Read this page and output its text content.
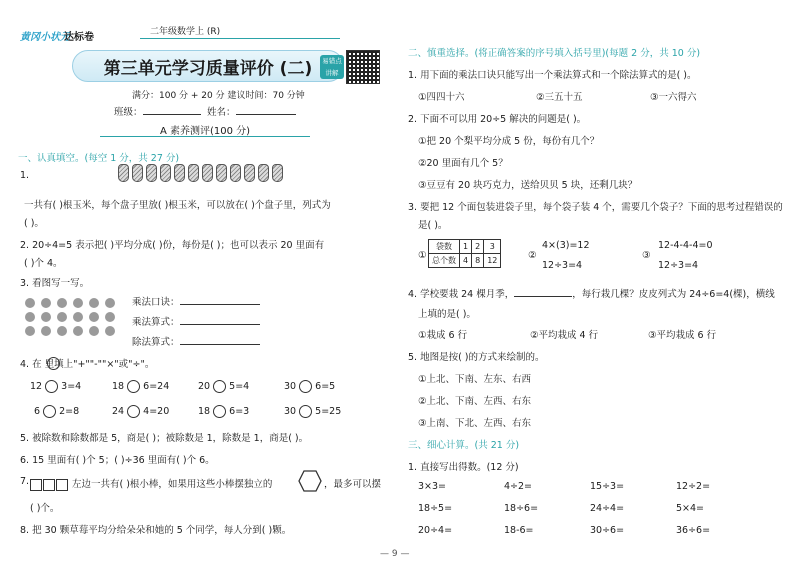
黄冈小状元
达标卷	二年级数学上 (R)
第三单元学习质量评价 (二)	易错点讲解
满分：100 分 + 20 分 建议时间：70 分钟
班级：	姓名：
A 素养测评(100 分)
一、认真填空。(每空 1 分，共 27 分)
1.
一共有( )根玉米，每个盘子里放( )根玉米，可以放在( )个盘子里，列式为
( )。
2. 20÷4=5 表示把( )平均分成( )份，每份是( )；也可以表示 20 里面有
( )个 4。
3. 看图写一写。
乘法口诀：
乘法算式：
除法算式：
4. 在 里填上"+""-""×"或"÷"。
12 3=4	18 6=24	20 5=4	30 6=5
6 2=8	24 4=20	18 6=3	30 5=25
5. 被除数和除数都是 5，商是( )；被除数是 1，除数是 1，商是( )。
6. 15 里面有( )个 5；( )÷36 里面有( )个 6。
7.	左边一共有( )根小棒，如果用这些小棒摆独立的	，最多可以摆
( )个。
8. 把 30 颗草莓平均分给朵朵和她的 5 个同学，每人分到( )颗。
二、慎重选择。(将正确答案的序号填入括号里)(每题 2 分，共 10 分)
1. 用下面的乘法口诀只能写出一个乘法算式和一个除法算式的是( )。
①四四十六	②三五十五	③一六得六
2. 下面不可以用 20÷5 解决的问题是( )。
①把 20 个梨平均分成 5 份，每份有几个？
②20 里面有几个 5？
③豆豆有 20 块巧克力，送给贝贝 5 块，还剩几块？
3. 要把 12 个面包装进袋子里，每个袋子装 4 个，需要几个袋子？下面的思考过程错误的
是( )。
①
袋数	1	2	3
总个数	4	8	12	②
4×(3)=12
12÷3=4
③
12-4-4-4=0
12÷3=4
4. 学校要栽 24 棵月季，	，每行栽几棵？皮皮列式为 24÷6=4(棵)，横线
上填的是( )。
①栽成 6 行	②平均栽成 4 行	③平均栽成 6 行
5. 地图是按( )的方式来绘制的。
①上北、下南、左东、右西
②上北、下南、左西、右东
③上南、下北、左西、右东
三、细心计算。(共 21 分)
1. 直接写出得数。(12 分)
3×3=	4÷2=	15÷3=	12÷2=
18÷5=	18÷6=	24÷4=	5×4=
20÷4=	18-6=	30÷6=	36÷6=
— 9 —
